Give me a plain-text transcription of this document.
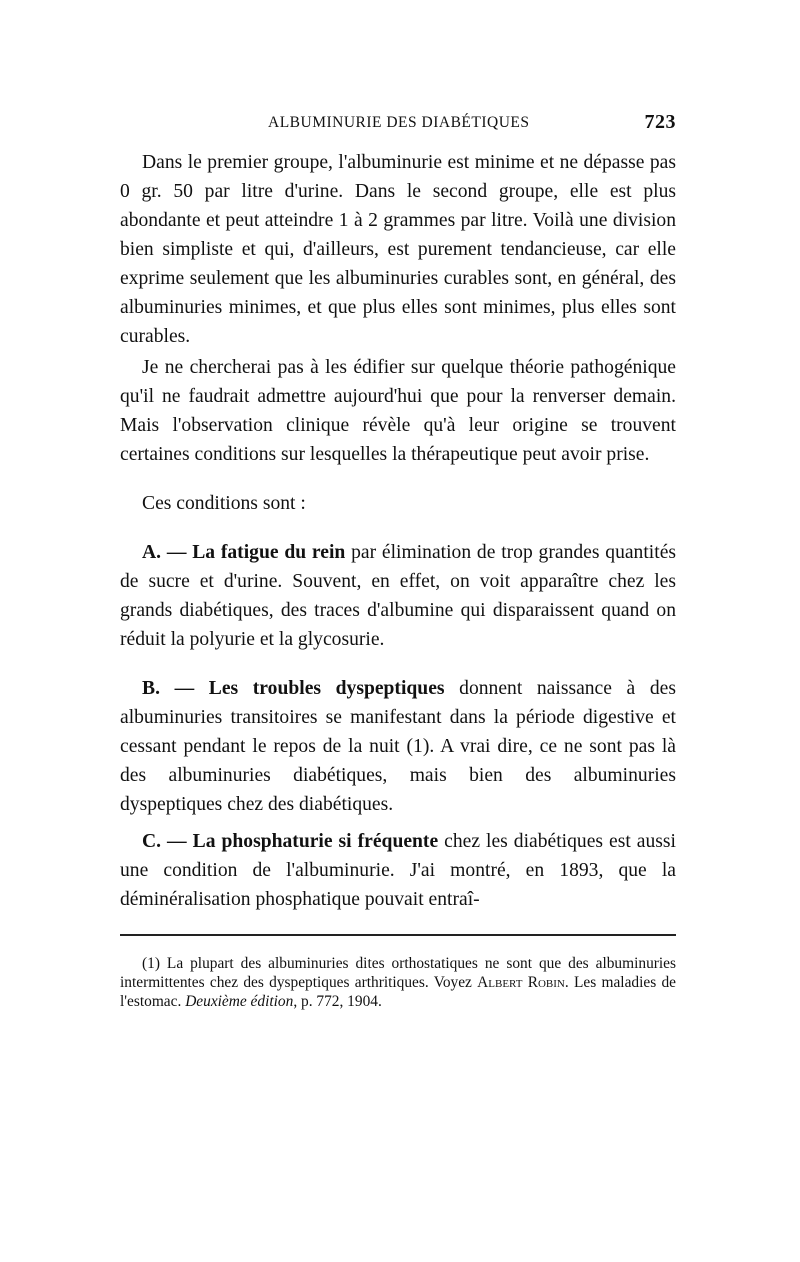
ALBUMINURIE DES DIABÉTIQUES	723

Dans le premier groupe, l'albuminurie est minime et ne dépasse pas 0 gr. 50 par litre d'urine. Dans le second groupe, elle est plus abondante et peut atteindre 1 à 2 grammes par litre. Voilà une division bien simpliste et qui, d'ailleurs, est purement tendancieuse, car elle exprime seulement que les albuminuries curables sont, en général, des albuminuries minimes, et que plus elles sont minimes, plus elles sont curables.

Je ne chercherai pas à les édifier sur quelque théorie pathogénique qu'il ne faudrait admettre aujourd'hui que pour la renverser demain. Mais l'observation clinique révèle qu'à leur origine se trouvent certaines conditions sur lesquelles la thérapeutique peut avoir prise.

Ces conditions sont :

A. — La fatigue du rein par élimination de trop grandes quantités de sucre et d'urine. Souvent, en effet, on voit apparaître chez les grands diabétiques, des traces d'albumine qui disparaissent quand on réduit la polyurie et la glycosurie.

B. — Les troubles dyspeptiques donnent naissance à des albuminuries transitoires se manifestant dans la période digestive et cessant pendant le repos de la nuit (1). A vrai dire, ce ne sont pas là des albuminuries diabétiques, mais bien des albuminuries dyspeptiques chez des diabétiques.

C. — La phosphaturie si fréquente chez les diabétiques est aussi une condition de l'albuminurie. J'ai montré, en 1893, que la déminéralisation phosphatique pouvait entraî-

(1) La plupart des albuminuries dites orthostatiques ne sont que des albuminuries intermittentes chez des dyspeptiques arthritiques. Voyez Albert Robin. Les maladies de l'estomac. Deuxième édition, p. 772, 1904.
